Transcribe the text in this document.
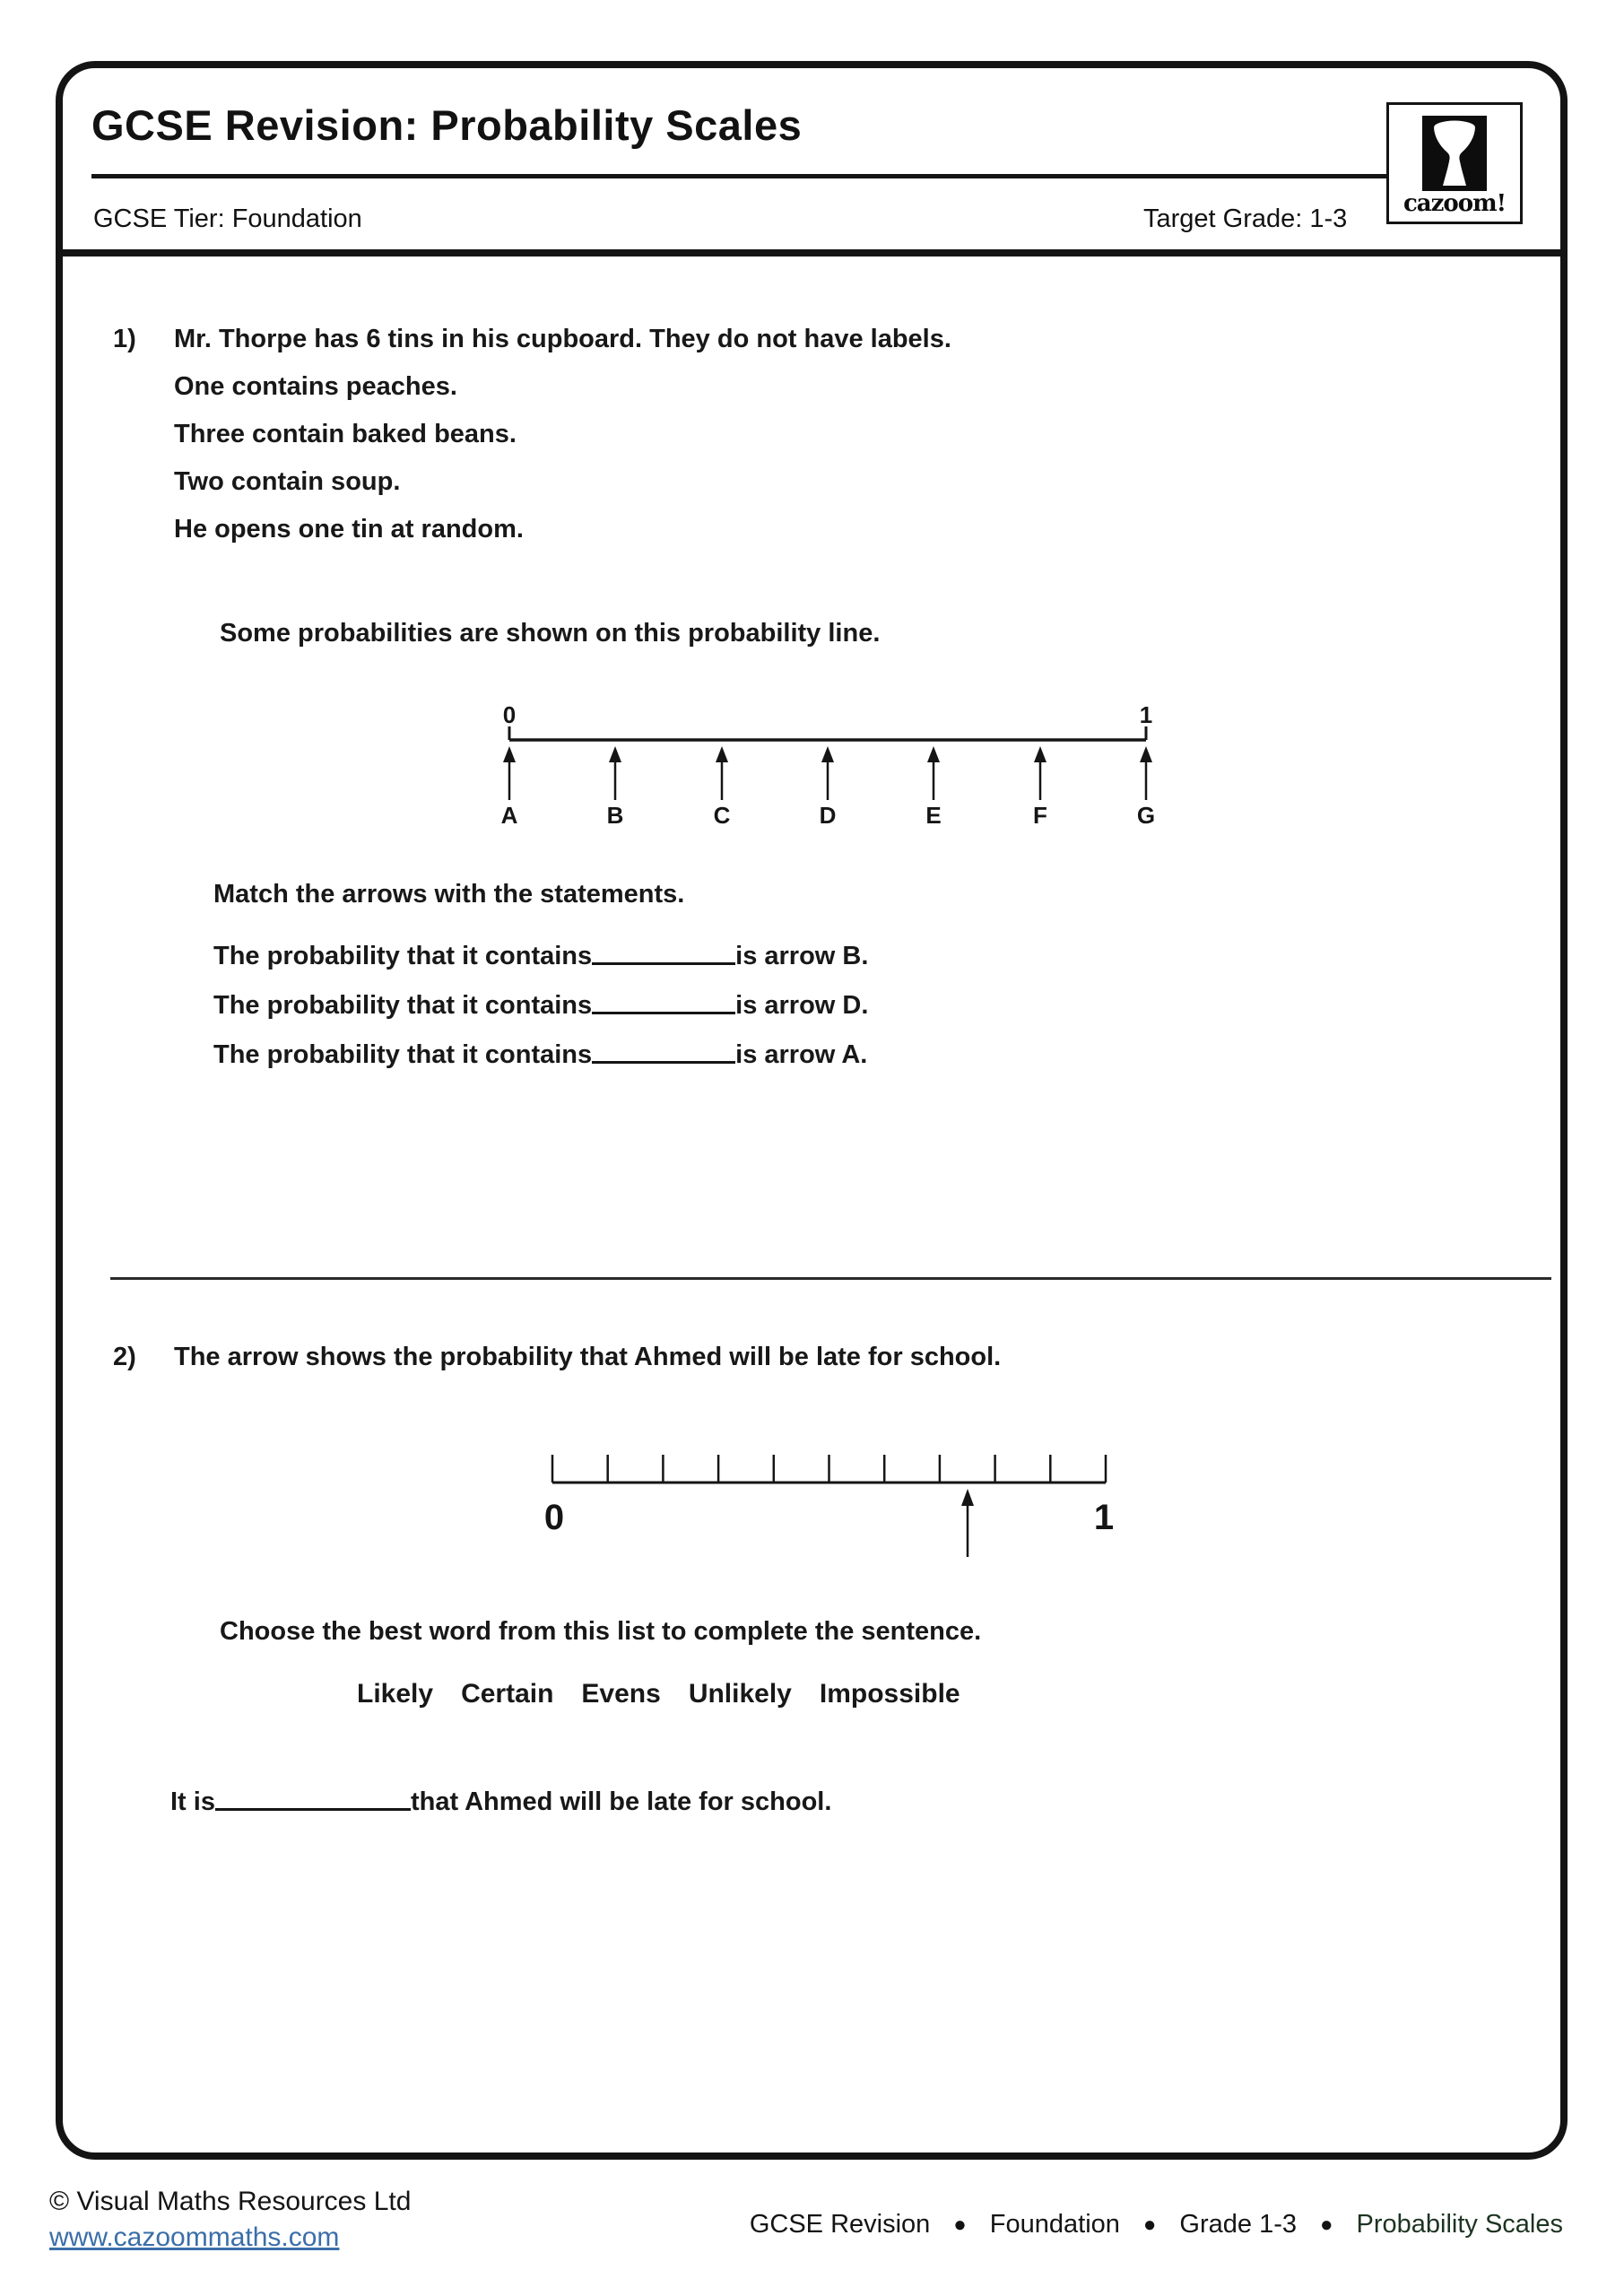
GCSE Revision: Probability Scales
GCSE Tier: Foundation	Target Grade: 1-3
cazoom!
1)	Mr. Thorpe has 6 tins in his cupboard. They do not have labels.
One contains peaches.
Three contain baked beans.
Two contain soup.
He opens one tin at random.
Some probabilities are shown on this probability line.
0	1
A	B	C	D	E	F	G
Match the arrows with the statements.
The probability that it contains	is arrow B.
The probability that it contains	is arrow D.
The probability that it contains	is arrow A.
2)	The arrow shows the probability that Ahmed will be late for school.
0	1
Choose the best word from this list to complete the sentence.
Likely Certain Evens Unlikely Impossible
It is	that Ahmed will be late for school.
© Visual Maths Resources Ltd
www.cazoommaths.com	GCSE Revision ● Foundation ● Grade 1-3 ● Probability Scales
